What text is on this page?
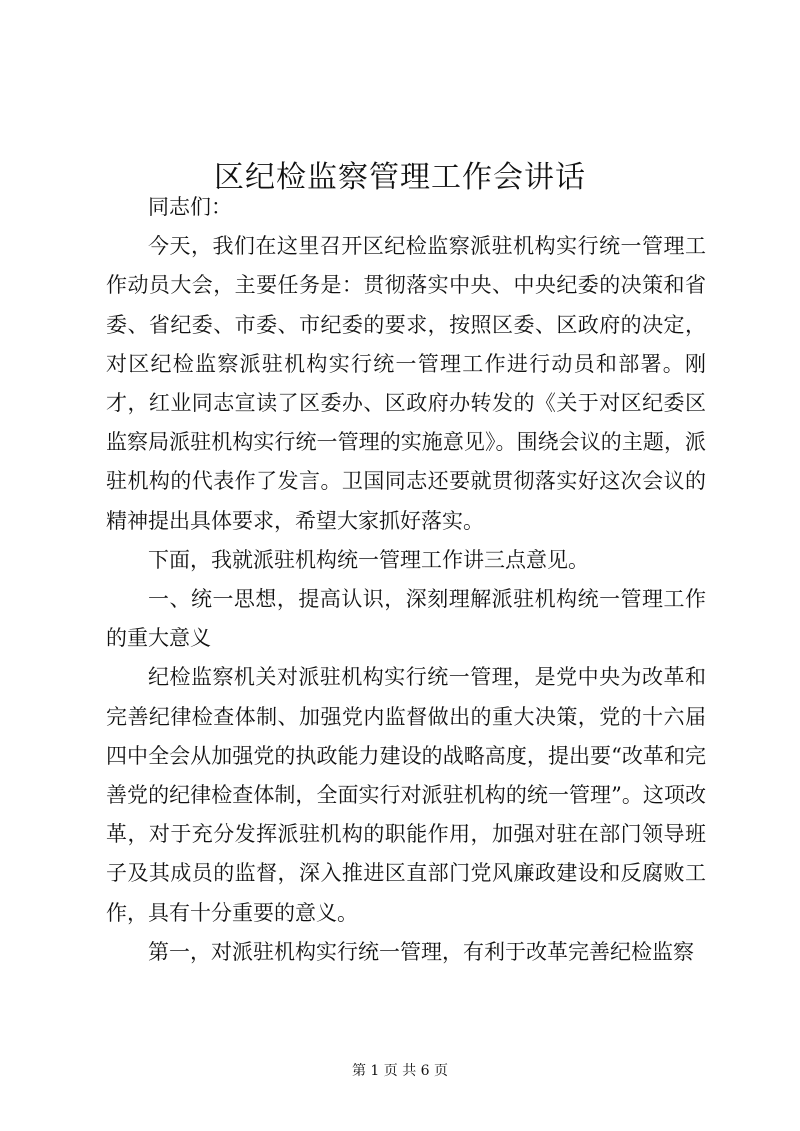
区纪检监察管理工作会讲话

同志们：

今天，我们在这里召开区纪检监察派驻机构实行统一管理工作动员大会，主要任务是：贯彻落实中央、中央纪委的决策和省委、省纪委、市委、市纪委的要求，按照区委、区政府的决定，对区纪检监察派驻机构实行统一管理工作进行动员和部署。刚才，红业同志宣读了区委办、区政府办转发的《关于对区纪委区监察局派驻机构实行统一管理的实施意见》。围绕会议的主题，派驻机构的代表作了发言。卫国同志还要就贯彻落实好这次会议的精神提出具体要求，希望大家抓好落实。

下面，我就派驻机构统一管理工作讲三点意见。

一、统一思想，提高认识，深刻理解派驻机构统一管理工作的重大意义

纪检监察机关对派驻机构实行统一管理，是党中央为改革和完善纪律检查体制、加强党内监督做出的重大决策，党的十六届四中全会从加强党的执政能力建设的战略高度，提出要“改革和完善党的纪律检查体制，全面实行对派驻机构的统一管理”。这项改革，对于充分发挥派驻机构的职能作用，加强对驻在部门领导班子及其成员的监督，深入推进区直部门党风廉政建设和反腐败工作，具有十分重要的意义。

第一，对派驻机构实行统一管理，有利于改革完善纪检监察

第 1 页 共 6 页
